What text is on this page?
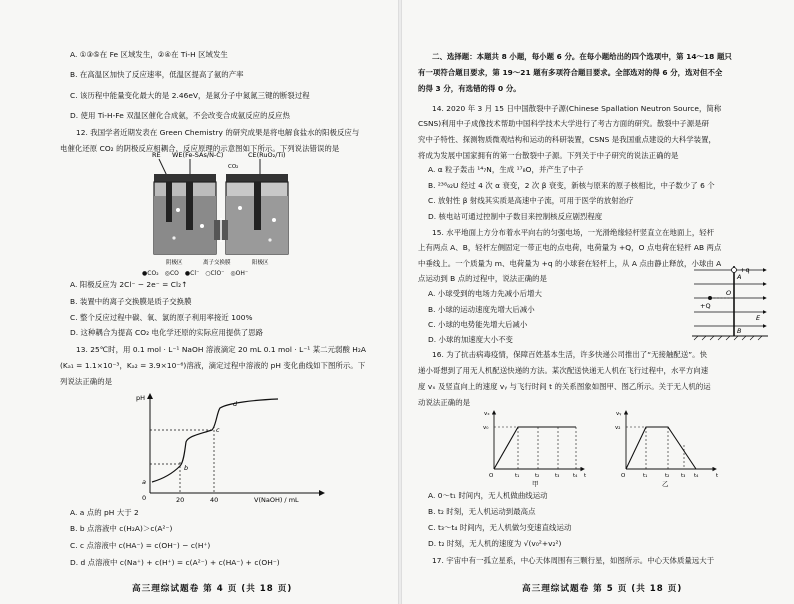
A. ①③⑤在 Fe 区域发生，②④在 Ti-H 区域发生
B. 在高温区加快了反应速率，低温区提高了氨的产率
C. 该历程中能量变化最大的是 2.46eV，是氮分子中氮氮三键的断裂过程
D. 使用 Ti-H-Fe 双温区催化合成氨，不会改变合成氨反应的反应热
12. 我国学者近期发表在 Green Chemistry 的研究成果是将电解食盐水的阳极反应与
电催化还原 CO₂ 的阴极反应相耦合，反应原理的示意图如下所示。下列说法错误的是
RE WE(Fe-SAs/N-C)	CE(RuO₂/Ti)
CO₂
阴极区	离子交换膜	阳极区
●CO₂ ◎CO ●Cl⁻ ○ClO⁻ ◎OH⁻
A. 阳极反应为 2Cl⁻ − 2e⁻ = Cl₂↑
B. 装置中的离子交换膜是质子交换膜
C. 整个反应过程中碳、氧、氯的原子利用率接近 100%
D. 这种耦合为提高 CO₂ 电化学还原的实际应用提供了思路
13. 25℃时，用 0.1 mol · L⁻¹ NaOH 溶液滴定 20 mL 0.1 mol · L⁻¹ 某二元弱酸 H₂A
(Kₐ₁ = 1.1×10⁻³，Kₐ₂ = 3.9×10⁻⁶)溶液，滴定过程中溶液的 pH 变化曲线如下图所示。下
列说法正确的是
pH
0	20	40	V(NaOH) / mL
a
b
c
d
A. a 点的 pH 大于 2
B. b 点溶液中 c(H₂A)＞c(A²⁻)
C. c 点溶液中 c(HA⁻) = c(OH⁻) − c(H⁺)
D. d 点溶液中 c(Na⁺) + c(H⁺) = c(A²⁻) + c(HA⁻) + c(OH⁻)
高三理综试题卷 第 4 页 (共 18 页)
二、选择题：本题共 8 小题，每小题 6 分。在每小题给出的四个选项中，第 14～18 题只
有一项符合题目要求，第 19～21 题有多项符合题目要求。全部选对的得 6 分，选对但不全
的得 3 分，有选错的得 0 分。
14. 2020 年 3 月 15 日中国散裂中子源(Chinese Spallation Neutron Source，简称
CSNS)利用中子成像技术帮助中国科学技术大学进行了考古方面的研究。散裂中子源是研
究中子特性、探测物质微观结构和运动的科研装置，CSNS 是我国重点建设的大科学装置，
将成为发展中国家拥有的第一台散裂中子源。下列关于中子研究的说法正确的是
A. α 粒子轰击 ¹⁴₇N，生成 ¹⁷₈O，并产生了中子
B. ²³⁸₉₂U 经过 4 次 α 衰变，2 次 β 衰变，新核与原来的原子核相比，中子数少了 6 个
C. 放射性 β 射线其实质是高速中子流，可用于医学的放射治疗
D. 核电站可通过控制中子数目来控制核反应剧烈程度
15. 水平地面上方分布着水平向右的匀强电场，一光滑绝缘轻杆竖直立在地面上，轻杆
上有两点 A、B，轻杆左侧固定一带正电的点电荷，电荷量为 +Q，O 点电荷在轻杆 AB 两点
中垂线上。一个质量为 m、电荷量为 +q 的小球套在轻杆上，从 A 点由静止释放，小球由 A
点运动到 B 点的过程中，说法正确的是
A. 小球受到的电场力先减小后增大
B. 小球的运动速度先增大后减小
C. 小球的电势能先增大后减小
D. 小球的加速度大小不变
+q
A
O
+Q
E
B
16. 为了抗击病毒疫情，保障百姓基本生活，许多快递公司推出了“无接触配送”。快
递小哥想到了用无人机配送快递的方法。某次配送快递无人机在飞行过程中，水平方向速
度 vₓ 及竖直向上的速度 vᵧ 与飞行时间 t 的关系图象如图甲、图乙所示。关于无人机的运
动说法正确的是
vₓ
v₀
t
O	t₁	t₂	t₃ t₄
甲
vᵧ
v₂
t
O	t₁	t₂ t₃ t₄
乙
A. 0～t₁ 时间内，无人机做曲线运动
B. t₂ 时刻，无人机运动到最高点
C. t₃～t₄ 时间内，无人机做匀变速直线运动
D. t₂ 时刻，无人机的速度为 √(v₀²+v₂²)
17. 宇宙中有一孤立星系，中心天体周围有三颗行星，如图所示。中心天体质量远大于
高三理综试题卷 第 5 页 (共 18 页)
